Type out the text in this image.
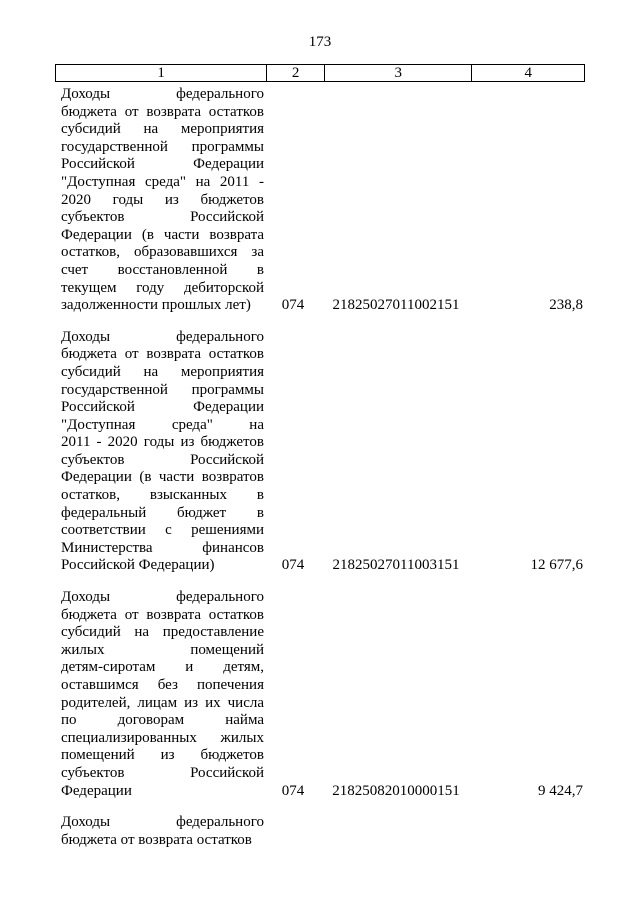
173
1	2	3	4
Доходы федерального
бюджета от возврата остатков
субсидий на мероприятия
государственной программы
Российской Федерации
"Доступная среда" на 2011 -
2020 годы из бюджетов
субъектов Российской
Федерации (в части возврата
остатков, образовавшихся за
счет восстановленной в
текущем году дебиторской
задолженности прошлых лет)	074	21825027011002151	238,8
Доходы федерального
бюджета от возврата остатков
субсидий на мероприятия
государственной программы
Российской Федерации
"Доступная среда" на
2011 - 2020 годы из бюджетов
субъектов Российской
Федерации (в части возвратов
остатков, взысканных в
федеральный бюджет в
соответствии с решениями
Министерства финансов
Российской Федерации)	074	21825027011003151	12 677,6
Доходы федерального
бюджета от возврата остатков
субсидий на предоставление
жилых помещений
детям-сиротам и детям,
оставшимся без попечения
родителей, лицам из их числа
по договорам найма
специализированных жилых
помещений из бюджетов
субъектов Российской
Федерации	074	21825082010000151	9 424,7
Доходы федерального
бюджета от возврата остатков
